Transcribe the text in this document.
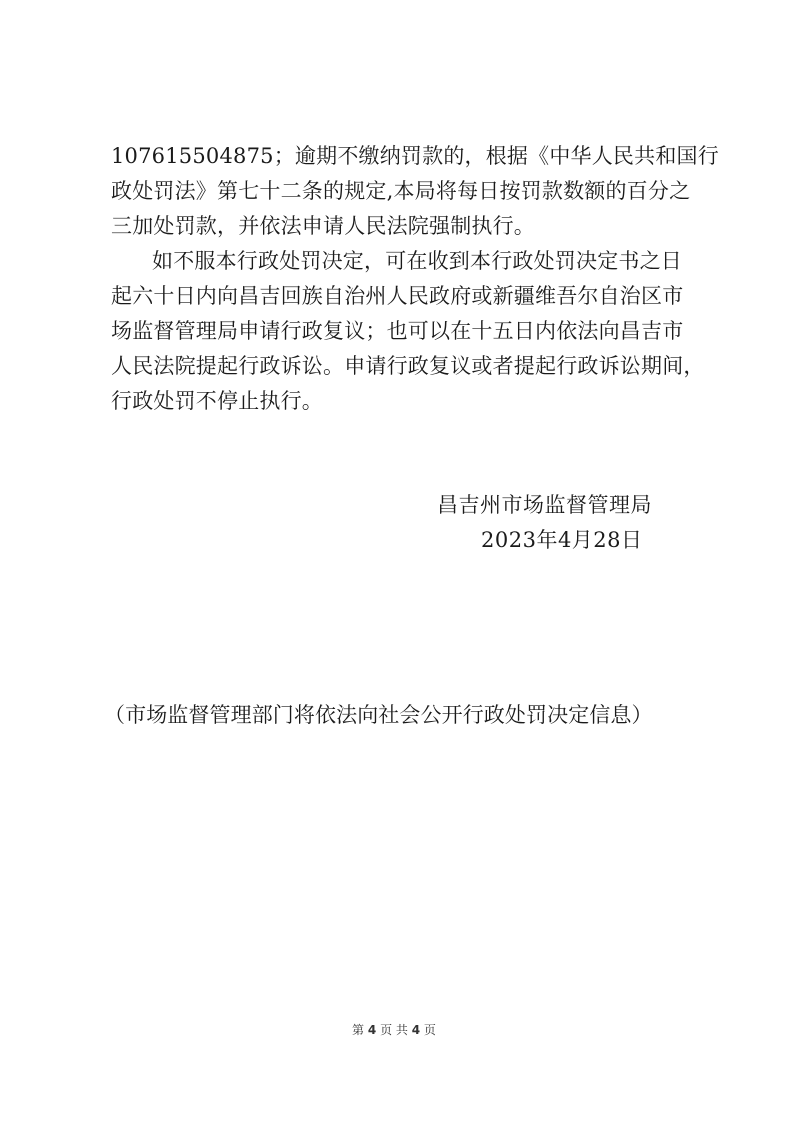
107615504875；逾期不缴纳罚款的，根据《中华人民共和国行
政处罚法》第七十二条的规定,本局将每日按罚款数额的百分之
三加处罚款，并依法申请人民法院强制执行。
如不服本行政处罚决定，可在收到本行政处罚决定书之日
起六十日内向昌吉回族自治州人民政府或新疆维吾尔自治区市
场监督管理局申请行政复议；也可以在十五日内依法向昌吉市
人民法院提起行政诉讼。申请行政复议或者提起行政诉讼期间，
行政处罚不停止执行。
昌吉州市场监督管理局
2023年4月28日
（市场监督管理部门将依法向社会公开行政处罚决定信息）
第 4 页 共 4 页
